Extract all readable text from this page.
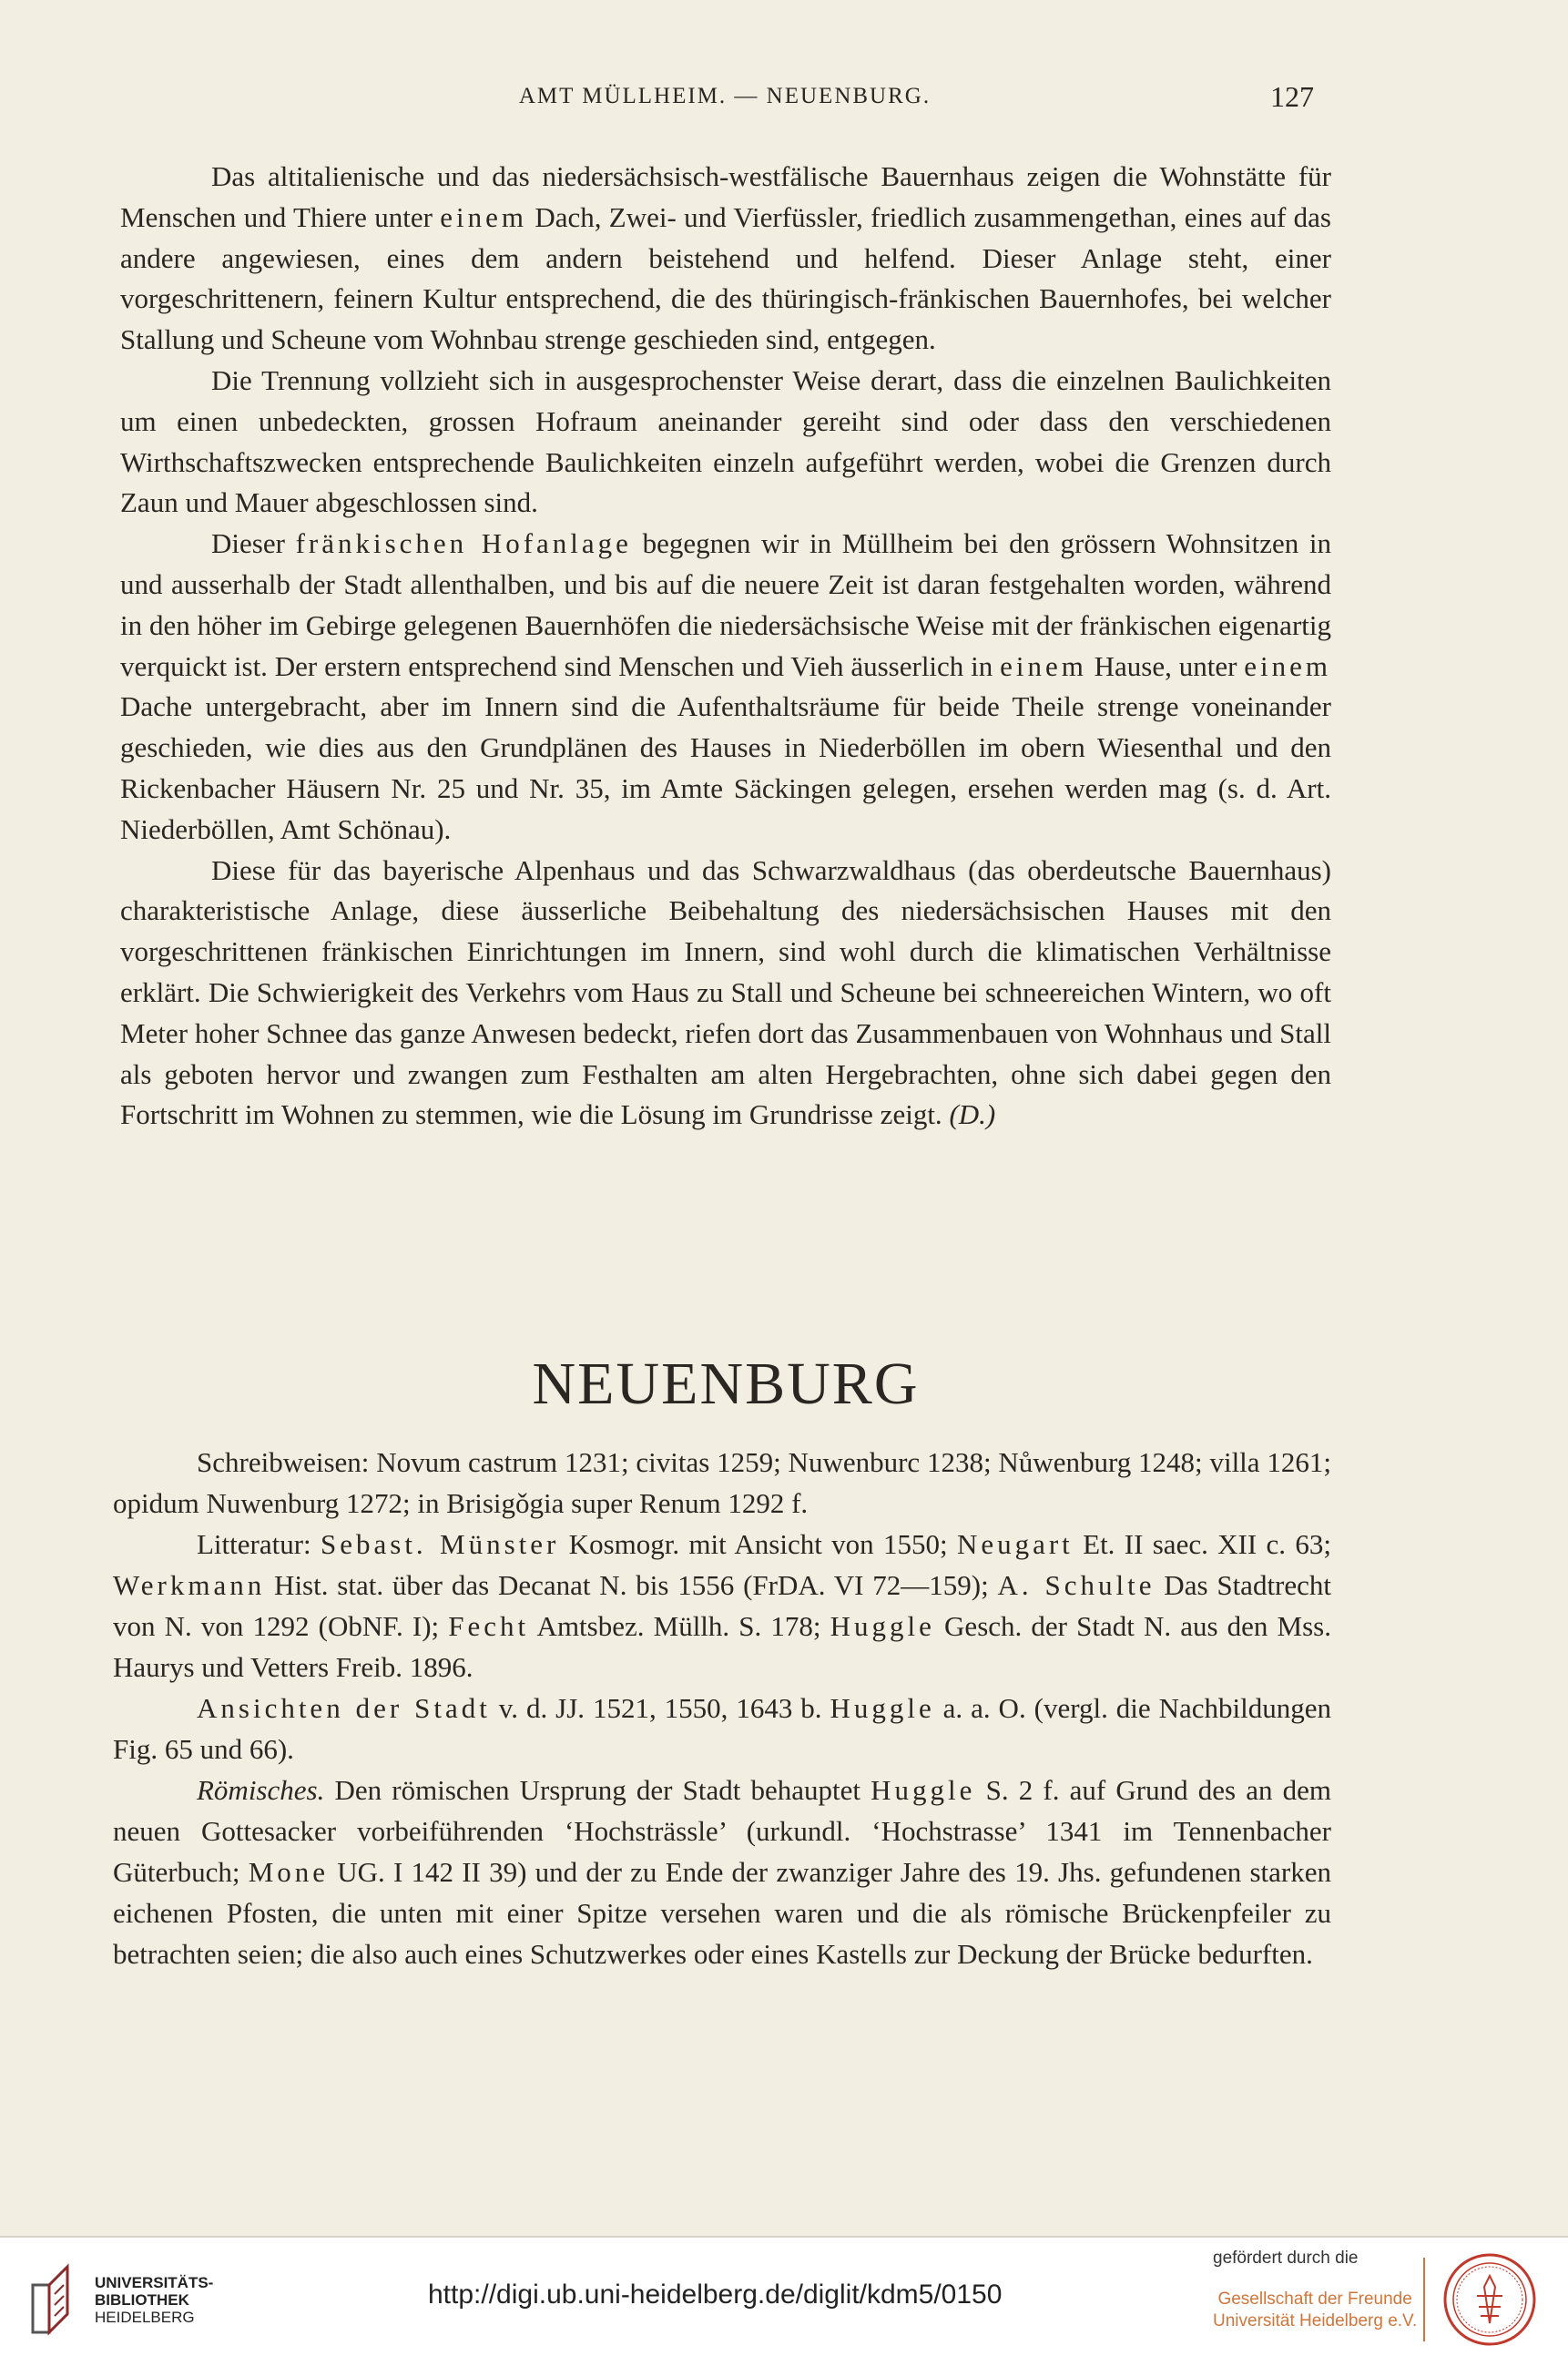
AMT MÜLLHEIM. — NEUENBURG.	127

Das altitalienische und das niedersächsisch-westfälische Bauernhaus zeigen die Wohnstätte für Menschen und Thiere unter einem Dach, Zwei- und Vierfüssler, friedlich zusammengethan, eines auf das andere angewiesen, eines dem andern beistehend und helfend. Dieser Anlage steht, einer vorgeschrittenern, feinern Kultur entsprechend, die des thüringisch-fränkischen Bauernhofes, bei welcher Stallung und Scheune vom Wohnbau strenge geschieden sind, entgegen.

Die Trennung vollzieht sich in ausgesprochenster Weise derart, dass die einzelnen Baulichkeiten um einen unbedeckten, grossen Hofraum aneinander gereiht sind oder dass den verschiedenen Wirthschaftszwecken entsprechende Baulichkeiten einzeln aufgeführt werden, wobei die Grenzen durch Zaun und Mauer abgeschlossen sind.

Dieser fränkischen Hofanlage begegnen wir in Müllheim bei den grössern Wohnsitzen in und ausserhalb der Stadt allenthalben, und bis auf die neuere Zeit ist daran festgehalten worden, während in den höher im Gebirge gelegenen Bauernhöfen die niedersächsische Weise mit der fränkischen eigenartig verquickt ist. Der erstern entsprechend sind Menschen und Vieh äusserlich in einem Hause, unter einem Dache untergebracht, aber im Innern sind die Aufenthaltsräume für beide Theile strenge voneinander geschieden, wie dies aus den Grundplänen des Hauses in Niederböllen im obern Wiesenthal und den Rickenbacher Häusern Nr. 25 und Nr. 35, im Amte Säckingen gelegen, ersehen werden mag (s. d. Art. Niederböllen, Amt Schönau).

Diese für das bayerische Alpenhaus und das Schwarzwaldhaus (das oberdeutsche Bauernhaus) charakteristische Anlage, diese äusserliche Beibehaltung des niedersächsischen Hauses mit den vorgeschrittenen fränkischen Einrichtungen im Innern, sind wohl durch die klimatischen Verhältnisse erklärt. Die Schwierigkeit des Verkehrs vom Haus zu Stall und Scheune bei schneereichen Wintern, wo oft Meter hoher Schnee das ganze Anwesen bedeckt, riefen dort das Zusammenbauen von Wohnhaus und Stall als geboten hervor und zwangen zum Festhalten am alten Hergebrachten, ohne sich dabei gegen den Fortschritt im Wohnen zu stemmen, wie die Lösung im Grundrisse zeigt. (D.)

NEUENBURG

Schreibweisen: Novum castrum 1231; civitas 1259; Nuwenburc 1238; Nůwenburg 1248; villa 1261; opidum Nuwenburg 1272; in Brisigǒgia super Renum 1292 f.

Litteratur: Sebast. Münster Kosmogr. mit Ansicht von 1550; Neugart Et. II saec. XII c. 63; Werkmann Hist. stat. über das Decanat N. bis 1556 (FrDA. VI 72—159); A. Schulte Das Stadtrecht von N. von 1292 (ObNF. I); Fecht Amtsbez. Müllh. S. 178; Huggle Gesch. der Stadt N. aus den Mss. Haurys und Vetters Freib. 1896.

Ansichten der Stadt v. d. JJ. 1521, 1550, 1643 b. Huggle a. a. O. (vergl. die Nachbildungen Fig. 65 und 66).

Römisches. Den römischen Ursprung der Stadt behauptet Huggle S. 2 f. auf Grund des an dem neuen Gottesacker vorbeiführenden ‘Hochsträssle’ (urkundl. ‘Hochstrasse’ 1341 im Tennenbacher Güterbuch; Mone UG. I 142 II 39) und der zu Ende der zwanziger Jahre des 19. Jhs. gefundenen starken eichenen Pfosten, die unten mit einer Spitze versehen waren und die als römische Brückenpfeiler zu betrachten seien; die also auch eines Schutzwerkes oder eines Kastells zur Deckung der Brücke bedurften.

UNIVERSITÄTS-
BIBLIOTHEK
HEIDELBERG
http://digi.ub.uni-heidelberg.de/diglit/kdm5/0150
gefördert durch die
Gesellschaft der Freunde
Universität Heidelberg e.V.
